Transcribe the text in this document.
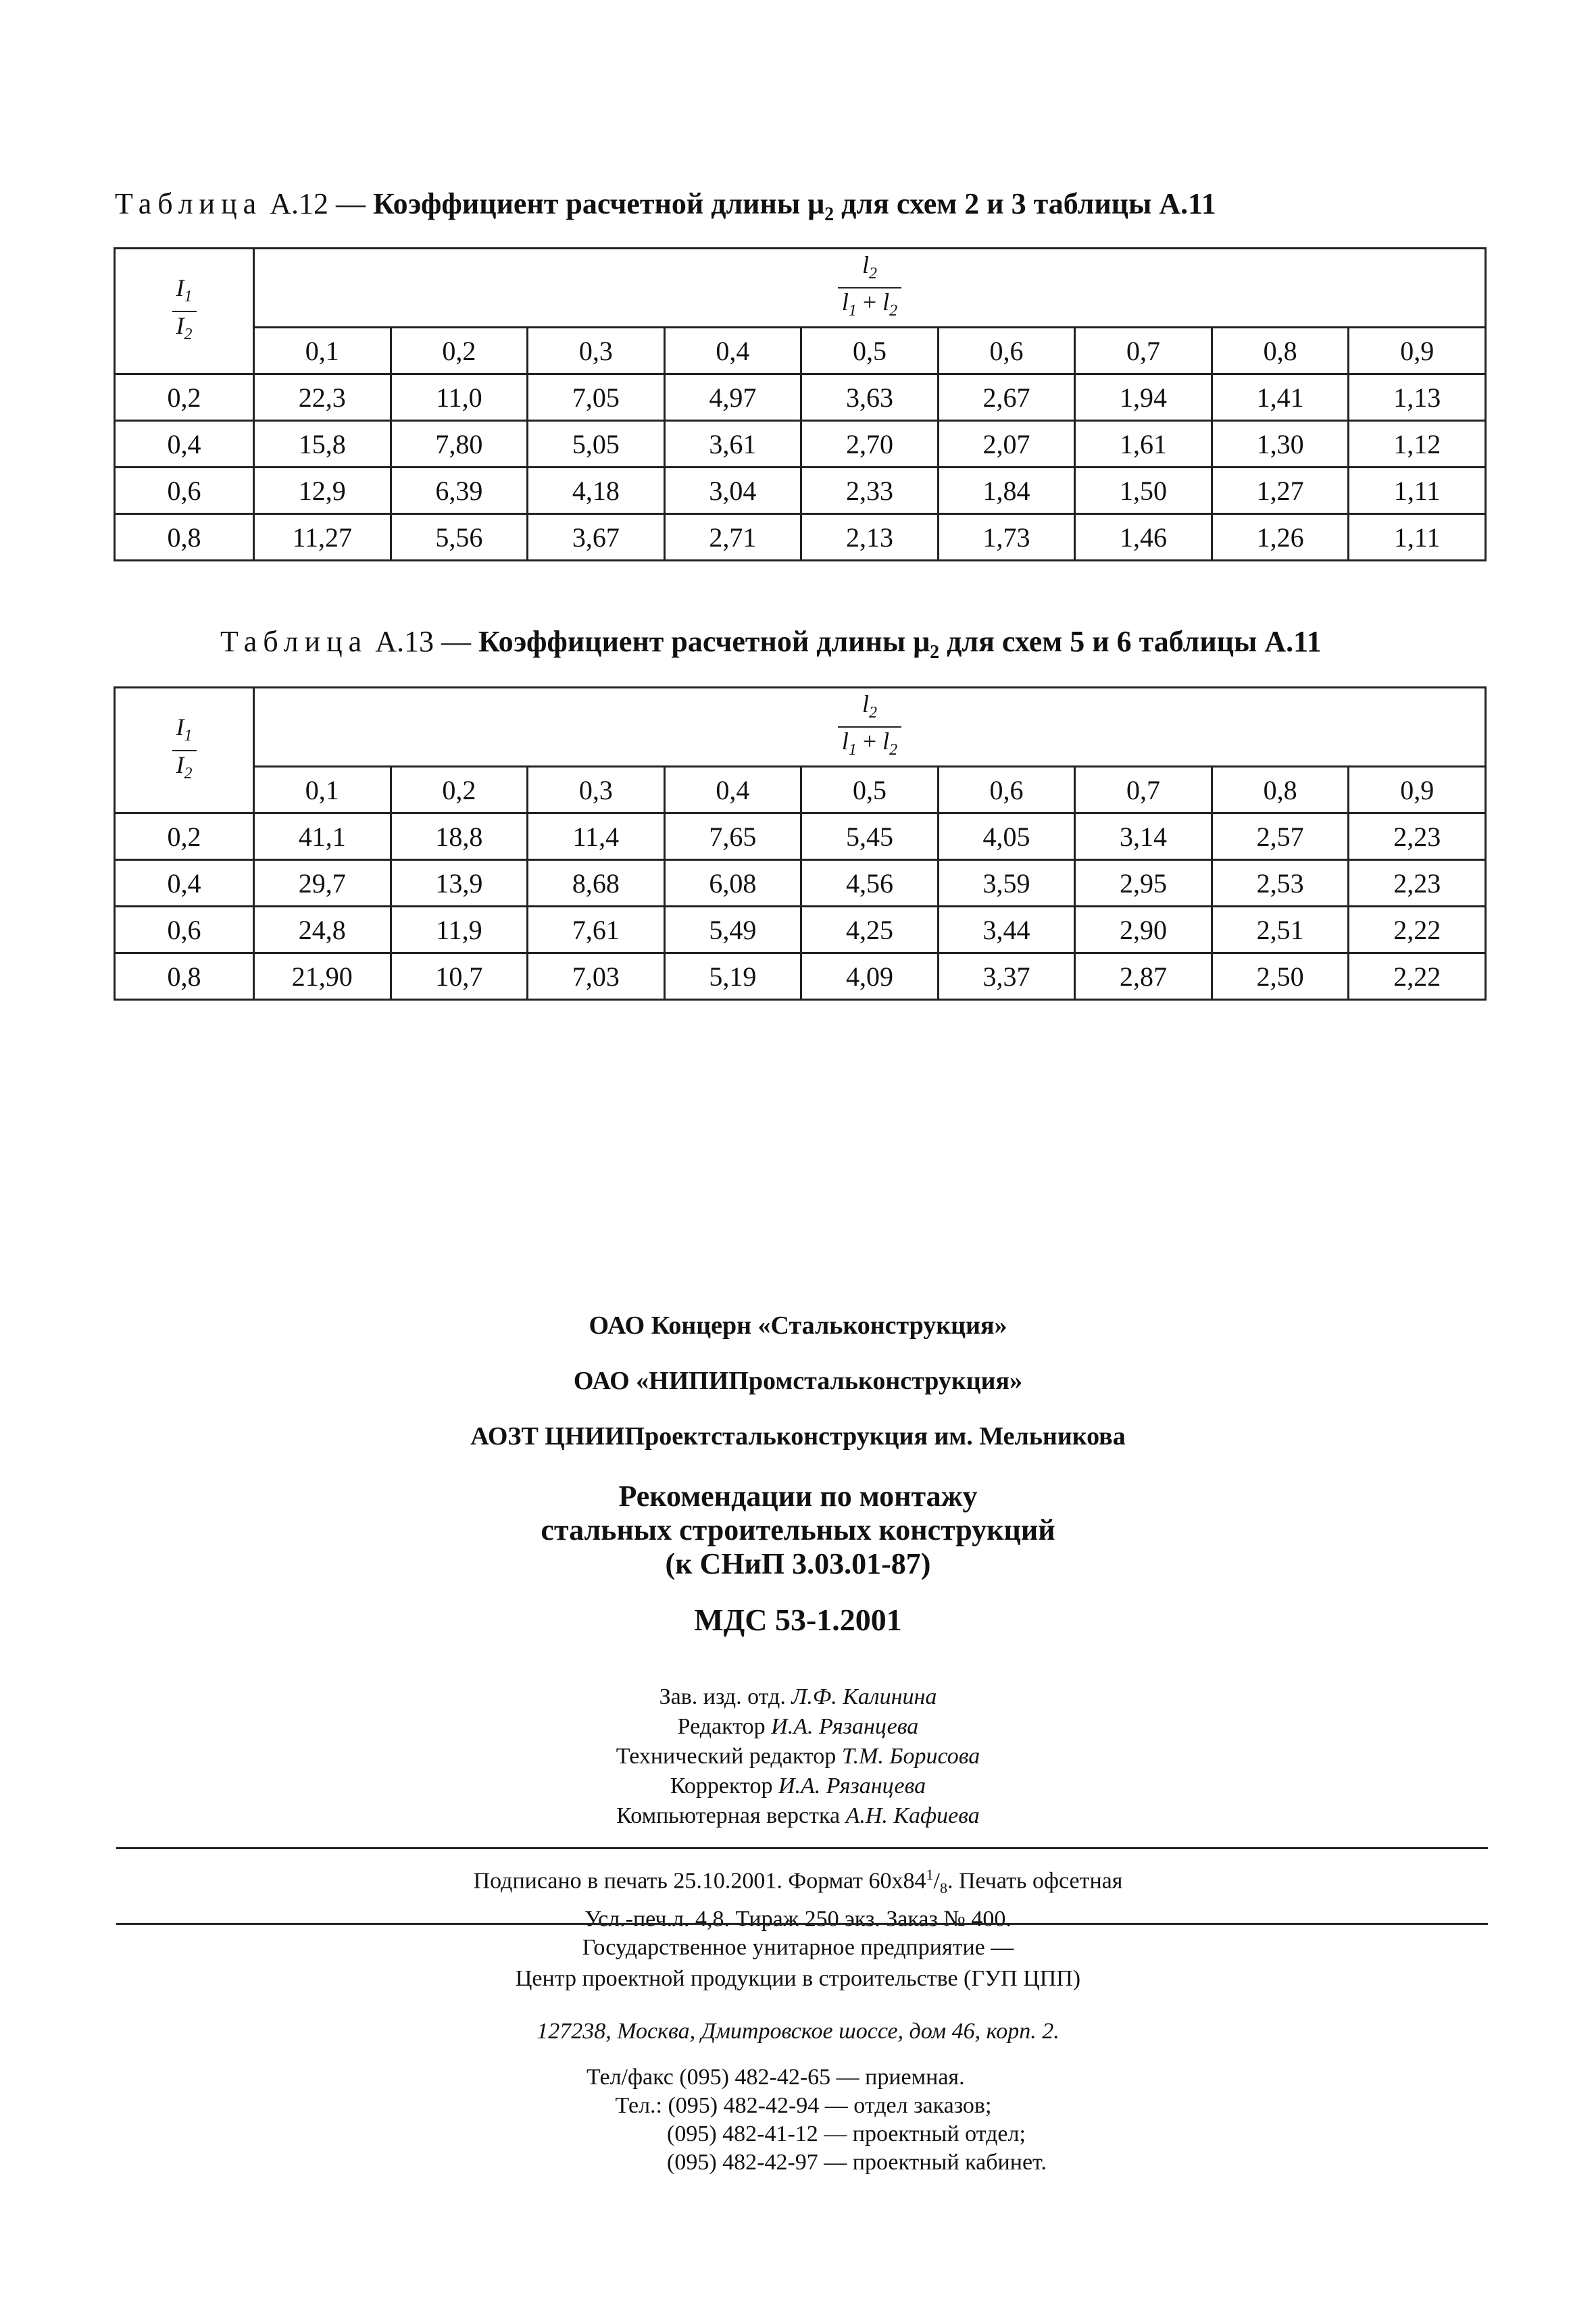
Таблица А.12 — Коэффициент расчетной длины $\mu_2$ для схем 2 и 3 таблицы А.11
$\frac{I_1}{I_2}$	$\frac{l_2}{l_1 + l_2}$

	0,1	0,2	0,3	0,4	0,5	0,6	0,7	0,8	0,9
0,2	22,3	11,0	7,05	4,97	3,63	2,67	1,94	1,41	1,13
0,4	15,8	7,80	5,05	3,61	2,70	2,07	1,61	1,30	1,12
0,6	12,9	6,39	4,18	3,04	2,33	1,84	1,50	1,27	1,11
0,8	11,27	5,56	3,67	2,71	2,13	1,73	1,46	1,26	1,11
Таблица А.13 — Коэффициент расчетной длины $\mu_2$ для схем 5 и 6 таблицы А.11
$\frac{I_1}{I_2}$	$\frac{l_2}{l_1 + l_2}$

	0,1	0,2	0,3	0,4	0,5	0,6	0,7	0,8	0,9
0,2	41,1	18,8	11,4	7,65	5,45	4,05	3,14	2,57	2,23
0,4	29,7	13,9	8,68	6,08	4,56	3,59	2,95	2,53	2,23
0,6	24,8	11,9	7,61	5,49	4,25	3,44	2,90	2,51	2,22
0,8	21,90	10,7	7,03	5,19	4,09	3,37	2,87	2,50	2,22
ОАО Концерн «Стальконструкция»
ОАО «НИПИПромстальконструкция»
АОЗТ ЦНИИПроектстальконструкция им. Мельникова
Рекомендации по монтажу
стальных строительных конструкций
(к СНиП 3.03.01-87)
МДС 53-1.2001
Зав. изд. отд. Л.Ф. Калинина
Редактор И.А. Рязанцева
Технический редактор Т.М. Борисова
Корректор И.А. Рязанцева
Компьютерная верстка А.Н. Кафиева
Подписано в печать 25.10.2001. Формат $60х84^1/_8$. Печать офсетная
Усл.-печ.л. 4,8. Тираж 250 экз. Заказ № 400.
Государственное унитарное предприятие —
Центр проектной продукции в строительстве (ГУП ЦПП)
127238, Москва, Дмитровское шоссе, дом 46, корп. 2.
Тел/факс (095) 482-42-65 — приемная.
Тел.: (095) 482-42-94 — отдел заказов;
(095) 482-41-12 — проектный отдел;
(095) 482-42-97 — проектный кабинет.
